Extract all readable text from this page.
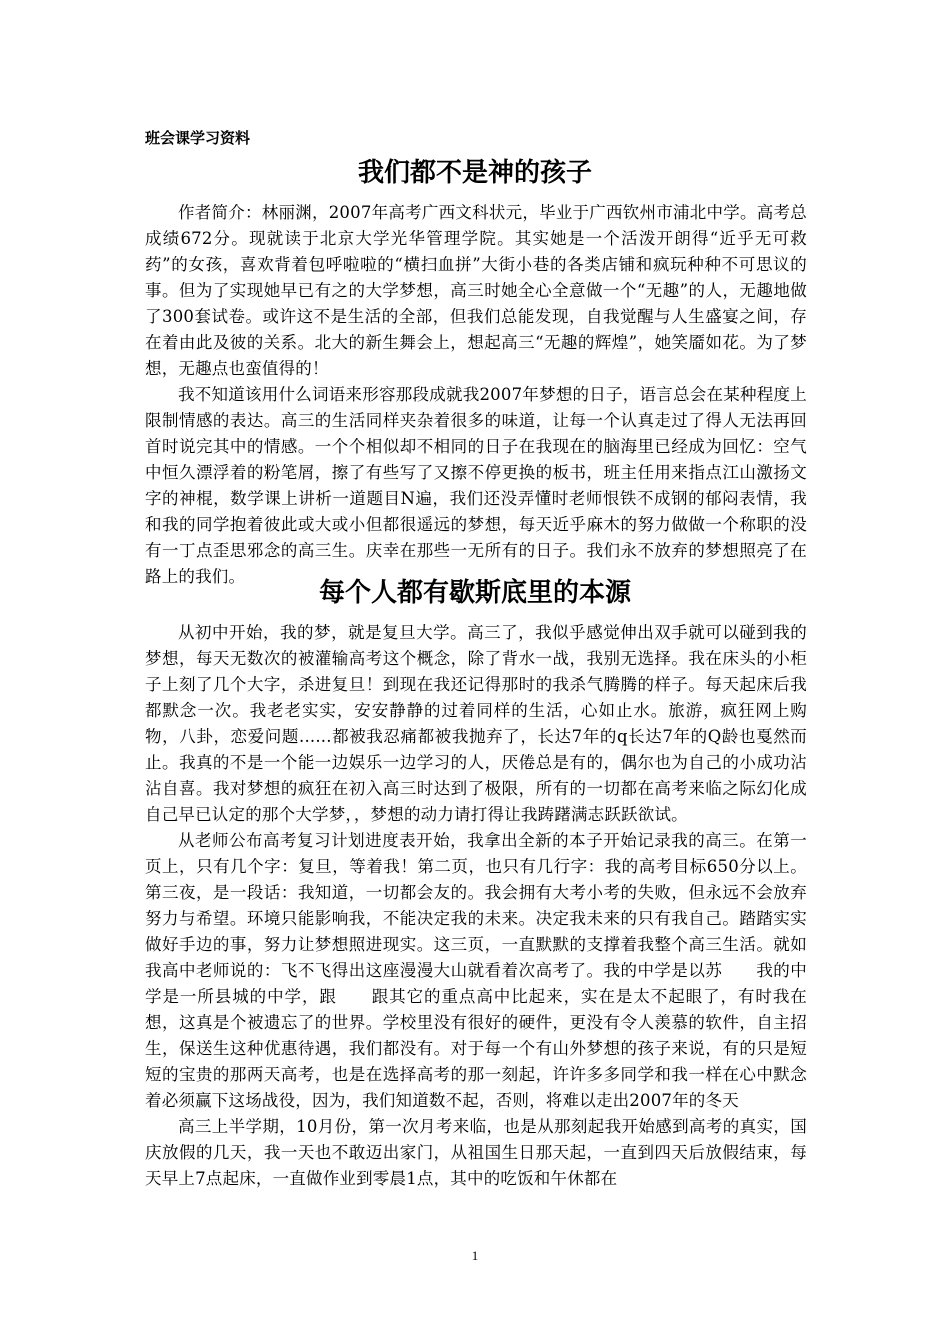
班会课学习资料
我们都不是神的孩子

作者简介：林丽渊，2007年高考广西文科状元，毕业于广西钦州市浦北中学。高考总成绩672分。现就读于北京大学光华管理学院。其实她是一个活泼开朗得“近乎无可救药”的女孩，喜欢背着包呼啦啦的“横扫血拼”大街小巷的各类店铺和疯玩种种不可思议的事。但为了实现她早已有之的大学梦想，高三时她全心全意做一个“无趣”的人，无趣地做了300套试卷。或许这不是生活的全部，但我们总能发现，自我觉醒与人生盛宴之间，存在着由此及彼的关系。北大的新生舞会上，想起高三“无趣的辉煌”，她笑靥如花。为了梦想，无趣点也蛮值得的！

我不知道该用什么词语来形容那段成就我2007年梦想的日子，语言总会在某种程度上限制情感的表达。高三的生活同样夹杂着很多的味道，让每一个认真走过了得人无法再回首时说完其中的情感。一个个相似却不相同的日子在我现在的脑海里已经成为回忆：空气中恒久漂浮着的粉笔屑，擦了有些写了又擦不停更换的板书，班主任用来指点江山激扬文字的神棍，数学课上讲析一道题目N遍，我们还没弄懂时老师恨铁不成钢的郁闷表情，我和我的同学抱着彼此或大或小但都很遥远的梦想，每天近乎麻木的努力做做一个称职的没有一丁点歪思邪念的高三生。庆幸在那些一无所有的日子。我们永不放弃的梦想照亮了在路上的我们。

每个人都有歇斯底里的本源

从初中开始，我的梦，就是复旦大学。高三了，我似乎感觉伸出双手就可以碰到我的梦想，每天无数次的被灌输高考这个概念，除了背水一战，我别无选择。我在床头的小柜子上刻了几个大字，杀进复旦！到现在我还记得那时的我杀气腾腾的样子。每天起床后我都默念一次。我老老实实，安安静静的过着同样的生活，心如止水。旅游，疯狂网上购物，八卦，恋爱问题......都被我忍痛都被我抛弃了，长达7年的q长达7年的Q龄也戛然而止。我真的不是一个能一边娱乐一边学习的人，厌倦总是有的，偶尔也为自己的小成功沾沾自喜。我对梦想的疯狂在初入高三时达到了极限，所有的一切都在高考来临之际幻化成自己早已认定的那个大学梦，，梦想的动力请打得让我踌躇满志跃跃欲试。

从老师公布高考复习计划进度表开始，我拿出全新的本子开始记录我的高三。在第一页上，只有几个字：复旦，等着我！第二页，也只有几行字：我的高考目标650分以上。第三夜，是一段话：我知道，一切都会友的。我会拥有大考小考的失败，但永远不会放弃努力与希望。环境只能影响我，不能决定我的未来。决定我未来的只有我自己。踏踏实实做好手边的事，努力让梦想照进现实。这三页，一直默默的支撑着我整个高三生活。就如我高中老师说的：飞不飞得出这座漫漫大山就看着次高考了。我的中学是以苏　　我的中学是一所县城的中学，跟　　跟其它的重点高中比起来，实在是太不起眼了，有时我在想，这真是个被遗忘了的世界。学校里没有很好的硬件，更没有令人羡慕的软件，自主招生，保送生这种优惠待遇，我们都没有。对于每一个有山外梦想的孩子来说，有的只是短短的宝贵的那两天高考，也是在选择高考的那一刻起，许许多多同学和我一样在心中默念着必须赢下这场战役，因为，我们知道数不起，否则，将难以走出2007年的冬天

高三上半学期，10月份，第一次月考来临，也是从那刻起我开始感到高考的真实，国庆放假的几天，我一天也不敢迈出家门，从祖国生日那天起，一直到四天后放假结束，每天早上7点起床，一直做作业到零晨1点，其中的吃饭和午休都在

1
